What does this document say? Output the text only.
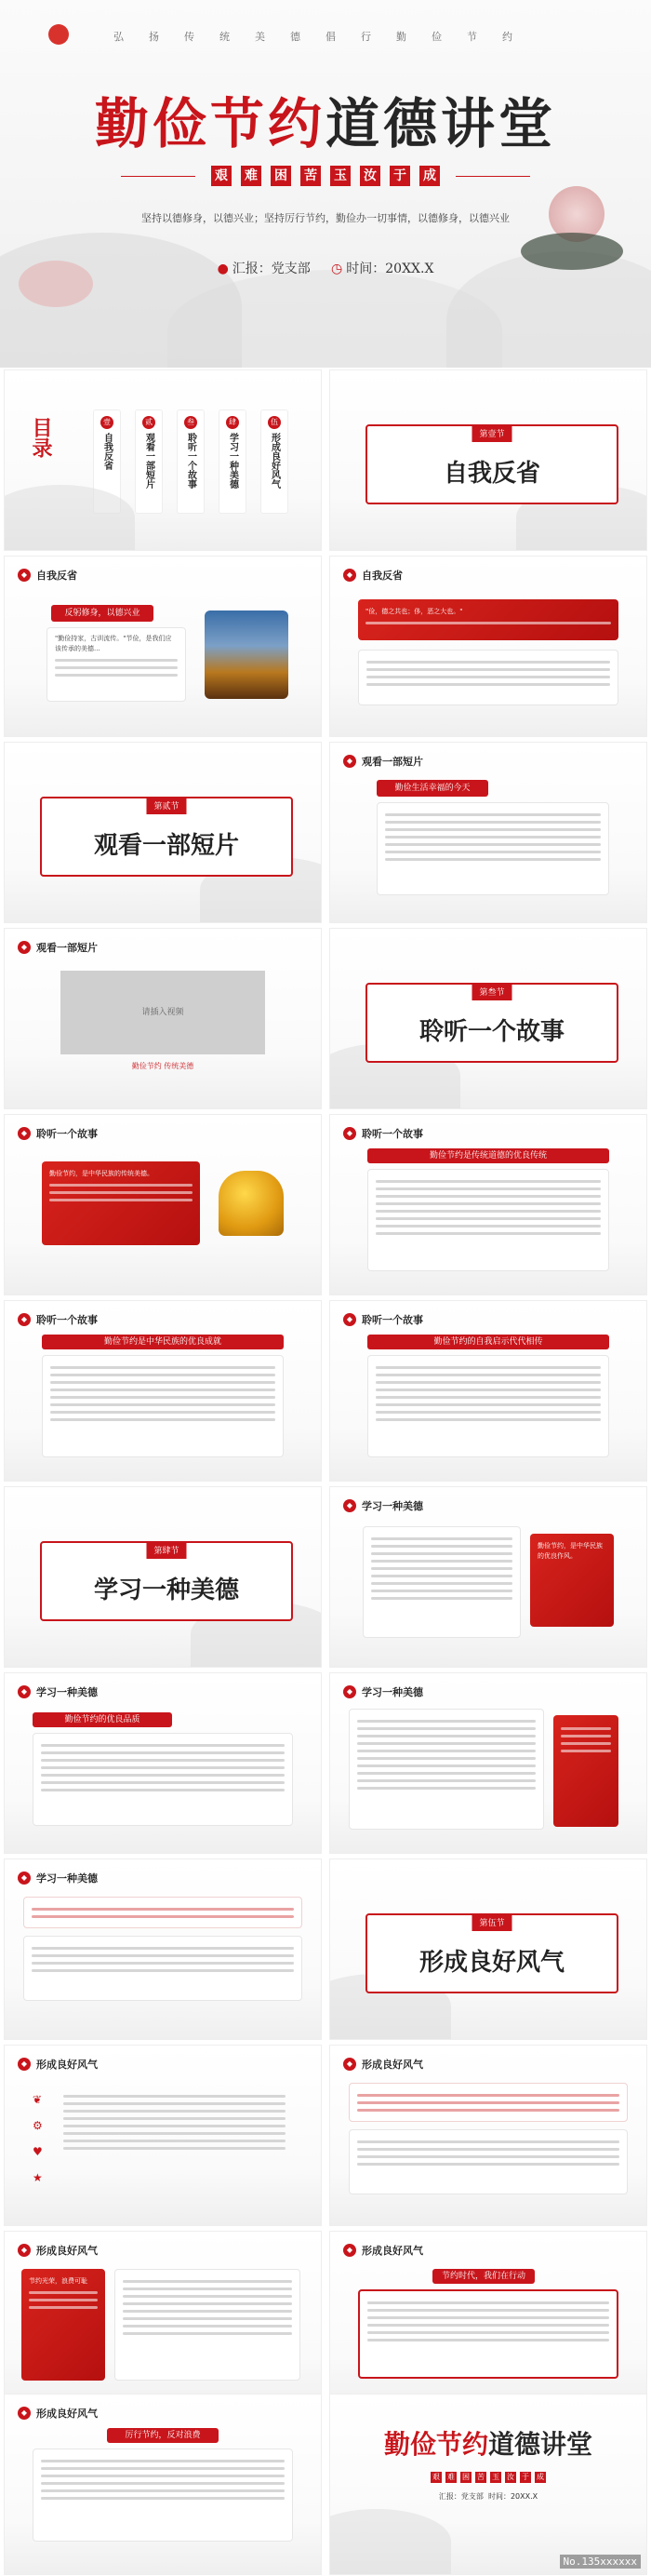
弘扬传统美德倡行勤俭节约
勤俭节约道德讲堂
艰 难 困 苦 玉 汝 于 成
坚持以德修身，以德兴业；坚持厉行节约，勤俭办一切事情，以德修身，以德兴业
● 汇报：党支部 ◷ 时间：20XX.X
目录	壹
自我反省
贰
观看一部短片
叁
聆听一个故事
肆
学习一种美德
伍
形成良好风气	第壹节
自我反省
◆ 自我反省
反躬修身，以德兴业
"勤俭持家，古训流传。"节俭，是我们应该传承的美德...
◆ 自我反省
"俭，德之共也；侈，恶之大也。"
第贰节
观看一部短片
◆ 观看一部短片
勤俭生活幸福的今天
◆ 观看一部短片
请插入视频
勤俭节约 传统美德
第叁节
聆听一个故事
◆ 聆听一个故事
勤俭节约，是中华民族的传统美德。
◆ 聆听一个故事
勤俭节约是传统道德的优良传统
◆ 聆听一个故事
勤俭节约是中华民族的优良成就
◆ 聆听一个故事
勤俭节约的自我启示代代相传
第肆节
学习一种美德
◆ 学习一种美德
勤俭节约，是中华民族的优良作风。
◆ 学习一种美德
勤俭节约的优良品质
◆ 学习一种美德
◆ 学习一种美德
第伍节
形成良好风气
◆ 形成良好风气
❦
⚙
♥
★
◆ 形成良好风气
◆ 形成良好风气
节约光荣，浪费可耻
◆ 形成良好风气
节约时代，我们在行动
◆ 形成良好风气
厉行节约，反对浪费	勤俭节约道德讲堂
艰 难 困 苦 玉 汝 于 成
汇报：党支部 时间：20XX.X
No.135xxxxxx
